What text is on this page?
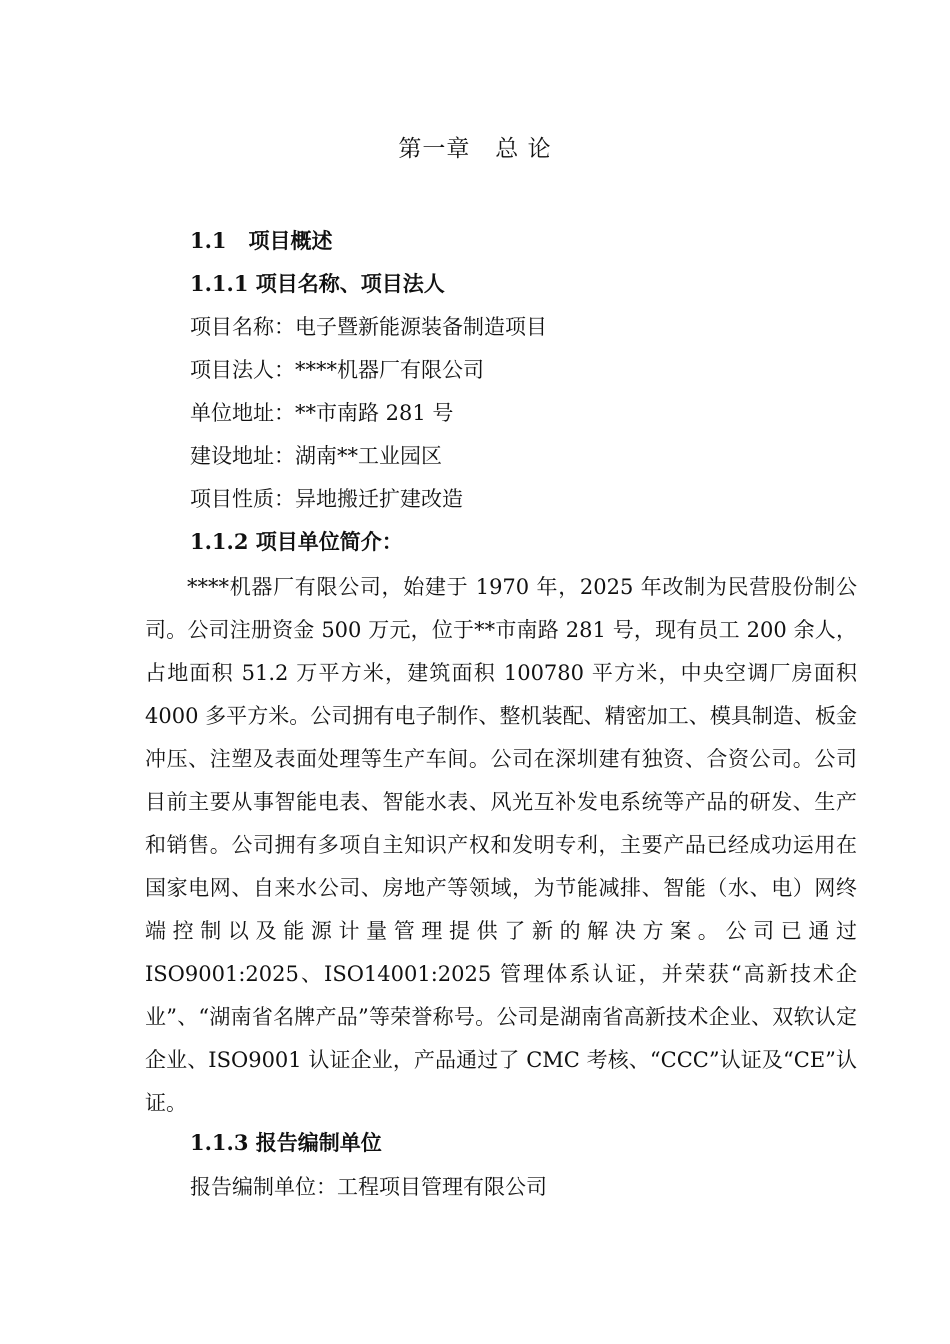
第一章   总 论
1.1   项目概述
1.1.1 项目名称、项目法人
项目名称：电子暨新能源装备制造项目
项目法人：****机器厂有限公司
单位地址：**市南路 281 号
建设地址：湖南**工业园区
项目性质：异地搬迁扩建改造
1.1.2 项目单位简介：

****机器厂有限公司，始建于 1970 年，2025 年改制为民营股份制公司。公司注册资金 500 万元，位于**市南路 281 号，现有员工 200 余人，占地面积 51.2 万平方米，建筑面积 100780 平方米，中央空调厂房面积 4000 多平方米。公司拥有电子制作、整机装配、精密加工、模具制造、板金冲压、注塑及表面处理等生产车间。公司在深圳建有独资、合资公司。公司目前主要从事智能电表、智能水表、风光互补发电系统等产品的研发、生产和销售。公司拥有多项自主知识产权和发明专利，主要产品已经成功运用在国家电网、自来水公司、房地产等领域，为节能减排、智能（水、电）网终端控制以及能源计量管理提供了新的解决方案。公司已通过 ISO9001:2025、ISO14001:2025 管理体系认证，并荣获“高新技术企业”、“湖南省名牌产品”等荣誉称号。公司是湖南省高新技术企业、双软认定企业、ISO9001 认证企业，产品通过了 CMC 考核、“CCC”认证及“CE”认证。

1.1.3 报告编制单位
报告编制单位：工程项目管理有限公司
